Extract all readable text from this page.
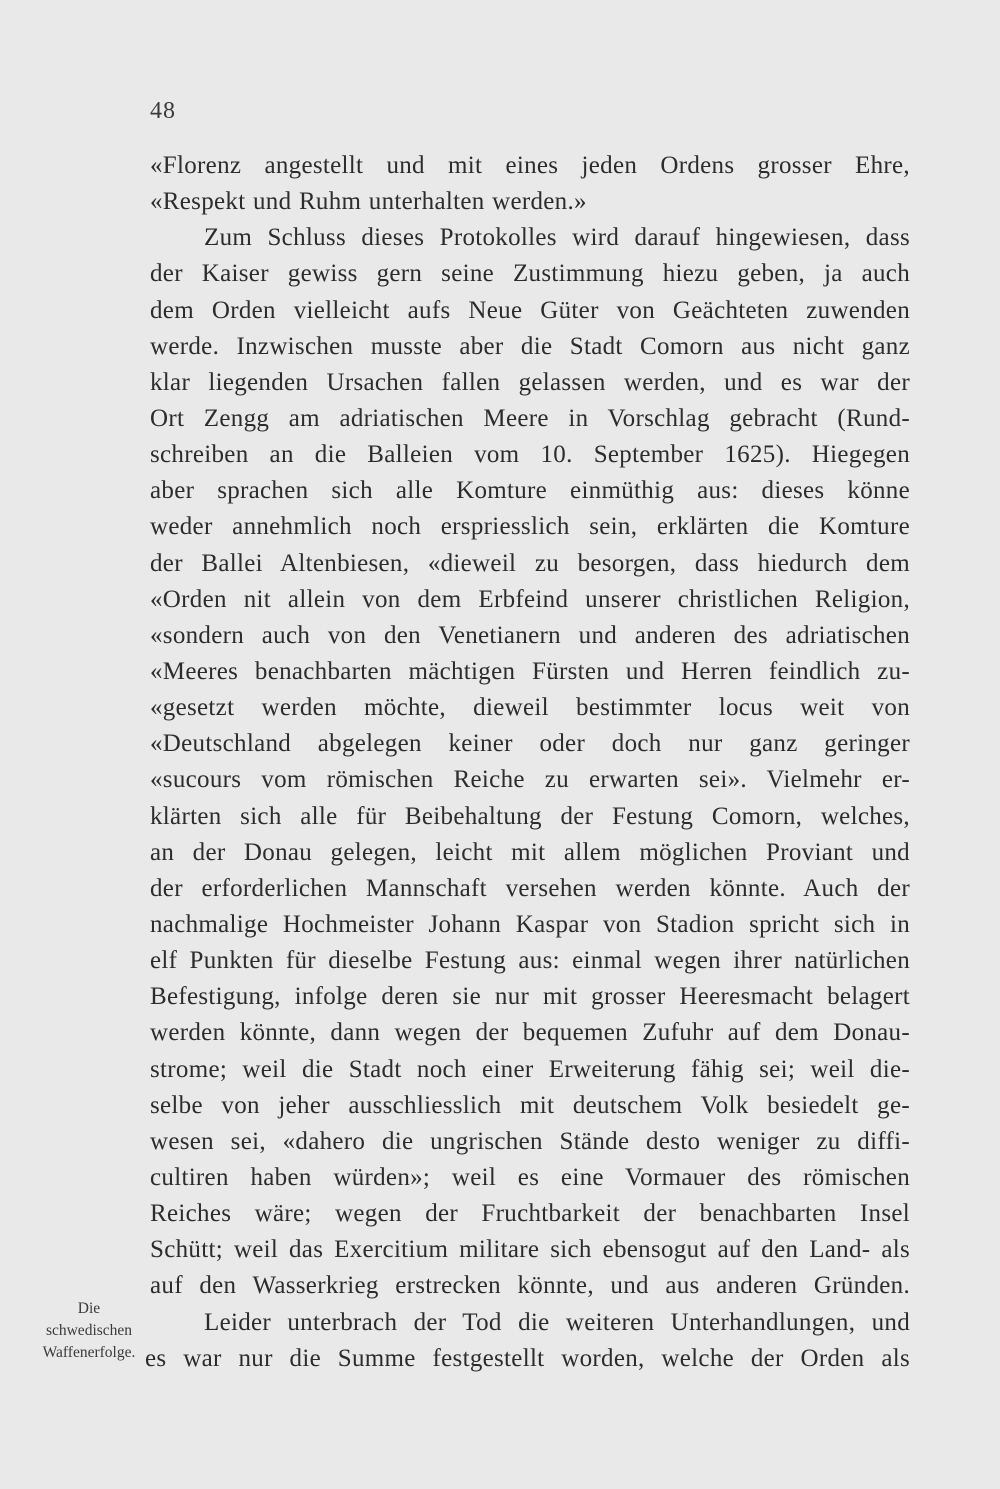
48
«Florenz angestellt und mit eines jeden Ordens grosser Ehre,
«Respekt und Ruhm unterhalten werden.»
Zum Schluss dieses Protokolles wird darauf hingewiesen, dass
der Kaiser gewiss gern seine Zustimmung hiezu geben, ja auch
dem Orden vielleicht aufs Neue Güter von Geächteten zuwenden
werde. Inzwischen musste aber die Stadt Comorn aus nicht ganz
klar liegenden Ursachen fallen gelassen werden, und es war der
Ort Zengg am adriatischen Meere in Vorschlag gebracht (Rund-
schreiben an die Balleien vom 10. September 1625). Hiegegen
aber sprachen sich alle Komture einmüthig aus: dieses könne
weder annehmlich noch erspriesslich sein, erklärten die Komture
der Ballei Altenbiesen, «dieweil zu besorgen, dass hiedurch dem
«Orden nit allein von dem Erbfeind unserer christlichen Religion,
«sondern auch von den Venetianern und anderen des adriatischen
«Meeres benachbarten mächtigen Fürsten und Herren feindlich zu-
«gesetzt werden möchte, dieweil bestimmter locus weit von
«Deutschland abgelegen keiner oder doch nur ganz geringer
«sucours vom römischen Reiche zu erwarten sei». Vielmehr er-
klärten sich alle für Beibehaltung der Festung Comorn, welches,
an der Donau gelegen, leicht mit allem möglichen Proviant und
der erforderlichen Mannschaft versehen werden könnte. Auch der
nachmalige Hochmeister Johann Kaspar von Stadion spricht sich in
elf Punkten für dieselbe Festung aus: einmal wegen ihrer natürlichen
Befestigung, infolge deren sie nur mit grosser Heeresmacht belagert
werden könnte, dann wegen der bequemen Zufuhr auf dem Donau-
strome; weil die Stadt noch einer Erweiterung fähig sei; weil die-
selbe von jeher ausschliesslich mit deutschem Volk besiedelt ge-
wesen sei, «dahero die ungrischen Stände desto weniger zu diffi-
cultiren haben würden»; weil es eine Vormauer des römischen
Reiches wäre; wegen der Fruchtbarkeit der benachbarten Insel
Schütt; weil das Exercitium militare sich ebensogut auf den Land- als
auf den Wasserkrieg erstrecken könnte, und aus anderen Gründen.
Leider unterbrach der Tod die weiteren Unterhandlungen, und
es war nur die Summe festgestellt worden, welche der Orden als
Die
schwedischen
Waffenerfolge.
